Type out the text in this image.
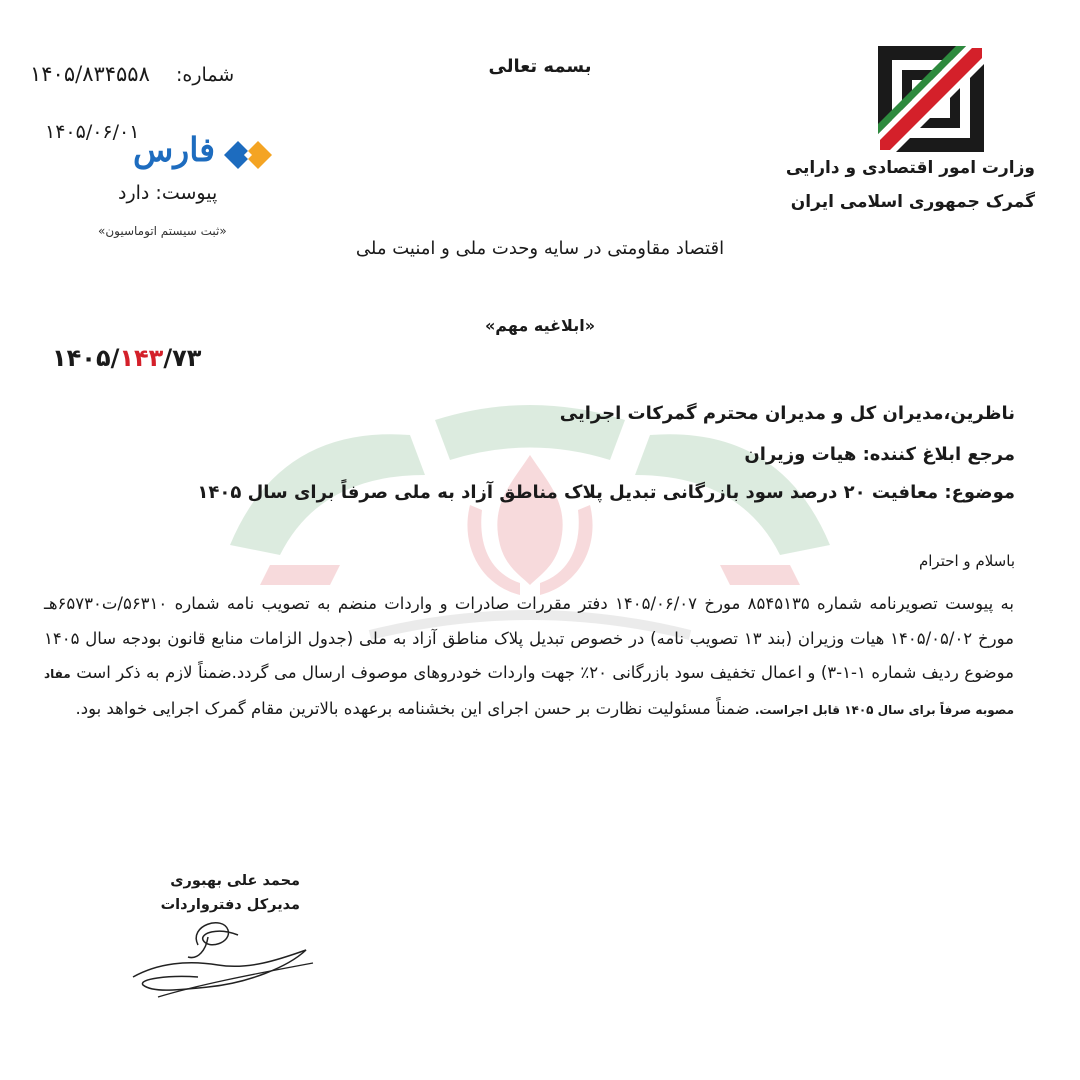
وزارت امور اقتصادی و دارایی
گمرک جمهوری اسلامی ایران
بسمه تعالی
شماره:
۱۴۰۵/۸۳۴۵۵۸
۱۴۰۵/۰۶/۰۱
فارس
پیوست: دارد
«ثبت سیستم اتوماسیون»
اقتصاد مقاومتی در سایه وحدت ملی و امنیت ملی
«ابلاغیه مهم»
۱۴۰۵/۱۴۳/۷۳
ناظرین،مدیران کل و مدیران محترم گمرکات اجرایی
مرجع ابلاغ کننده: هیات وزیران
موضوع: معافیت ۲۰ درصد سود بازرگانی تبدیل پلاک مناطق آزاد به ملی صرفاً برای سال ۱۴۰۵
باسلام و احترام
به پیوست تصویرنامه شماره ۸۵۴۵۱۳۵ مورخ ۱۴۰۵/۰۶/۰۷ دفتر مقررات صادرات و واردات منضم به تصویب نامه شماره ۵۶۳۱۰/ت۶۵۷۳۰هـ مورخ ۱۴۰۵/۰۵/۰۲ هیات وزیران (بند ۱۳ تصویب نامه) در خصوص تبدیل پلاک مناطق آزاد به ملی (جدول الزامات منابع قانون بودجه سال ۱۴۰۵ موضوع ردیف شماره ۱-۱-۳) و اعمال تخفیف سود بازرگانی ۲۰٪ جهت واردات خودروهای موصوف ارسال می گردد.ضمناً لازم به ذکر است مفاد مصوبه صرفاً برای سال ۱۴۰۵ قابل اجراست. ضمناً مسئولیت نظارت بر حسن اجرای این بخشنامه برعهده بالاترین مقام گمرک اجرایی خواهد بود.
محمد علی بهبوری
مدیرکل دفترواردات
